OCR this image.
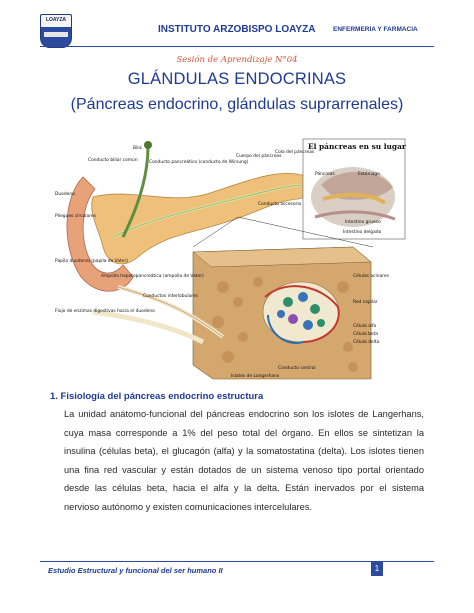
LOAYZA
INSTITUTO ARZOBISPO LOAYZA	ENFERMERIA Y FARMACIA
Sesión de Aprendizaje N°04
GLÁNDULAS ENDOCRINAS
(Páncreas endocrino, glándulas suprarrenales)
El páncreas en su lugar
Páncreas	Estómago
Intestino grueso
Intestino delgado
Bilis
Conducto biliar común	Conducto pancreático (conducto de Wirsung)
Cuerpo del páncreas
Cola del páncreas
Duodeno
Pliegues circulares
Conducto accesorio
Papila duodenal (papila de Vater)
Ampolla hepatopancreática (ampolla de Vater)
Conductos interlobulares
Flujo de enzimas digestivas hacia el duodeno
Células acinares
Red capilar
Célula alfa
Célula beta
Célula delta
Conducto central
Islotes de Langerhans
1. Fisiología del páncreas endocrino estructura
La unidad anátomo-funcional del páncreas endocrino son los islotes de Langerhans,
cuya masa corresponde a 1% del peso total del órgano. En ellos se sintetizan la
insulina (células beta), el glucagón (alfa) y la somatostatina (delta). Los islotes tienen
una fina red vascular y están dotados de un sistema venoso tipo portal orientado
desde las células beta, hacia el alfa y la delta. Están inervados por el sistema
nervioso autónomo y existen comunicaciones intercelulares.
Estudio Estructural y funcional del ser humano II	1
